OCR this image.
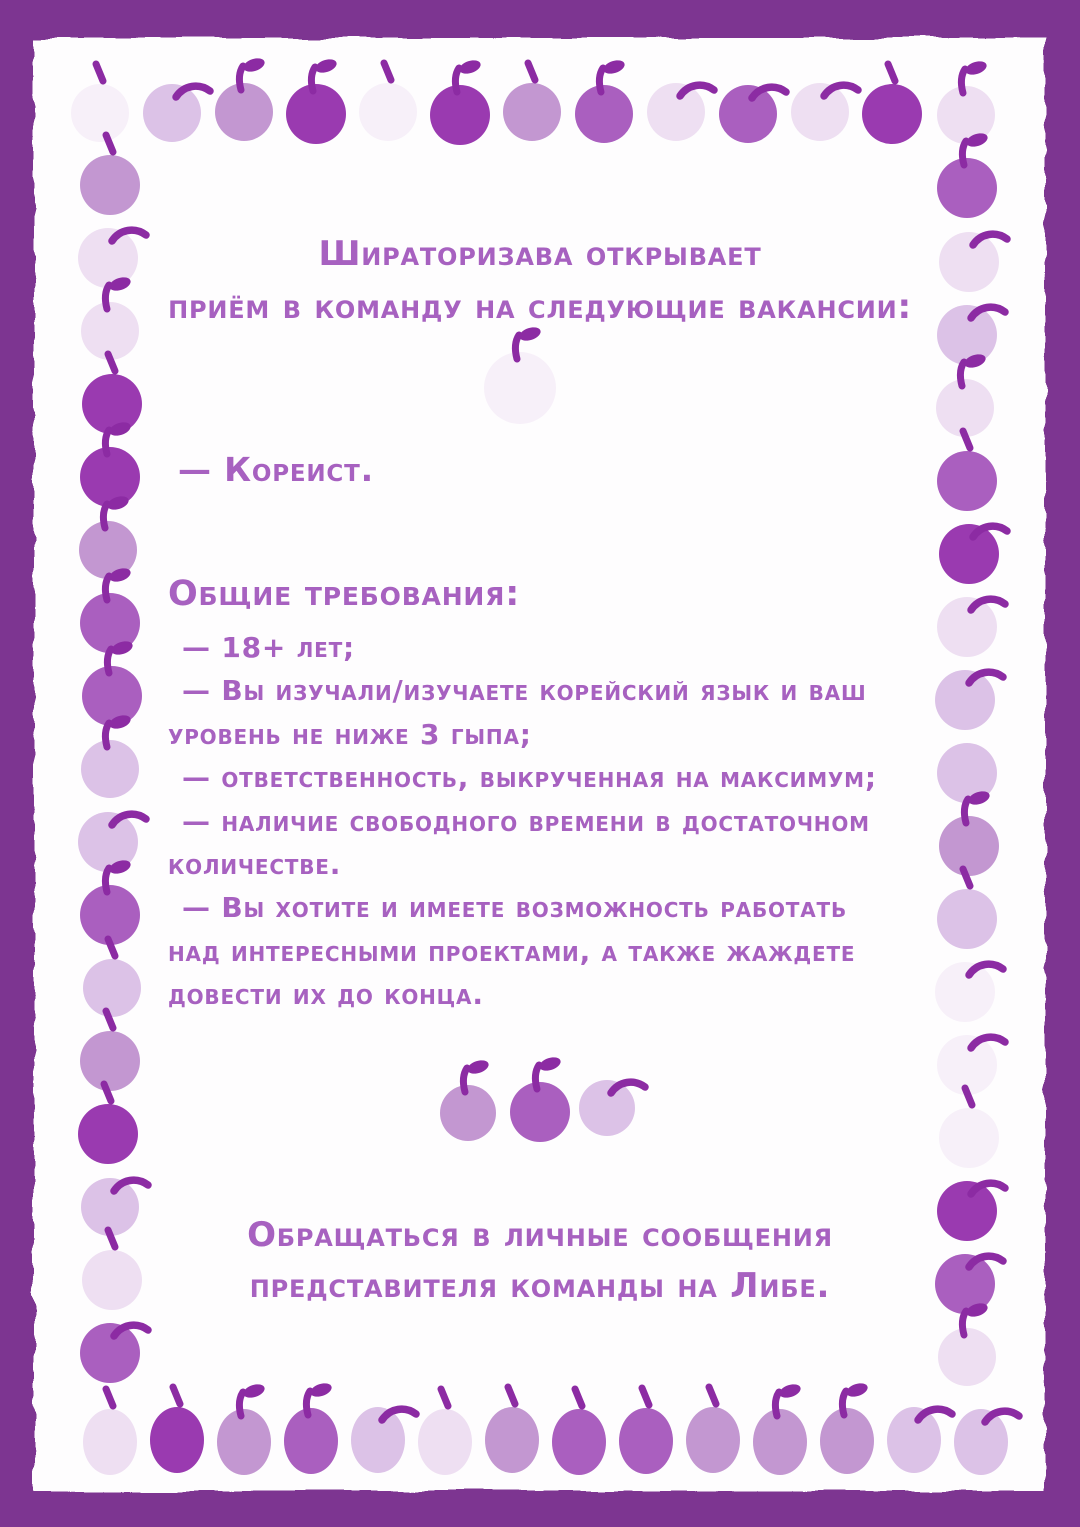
Шираторизава открывает
приём в команду на следующие вакансии:
— Кореист.
Общие требования:

— 18+ лет;

— Вы изучали/изучаете корейский язык и ваш уровень не ниже 3 гыпа;

— ответственность, выкрученная на максимум;

— наличие свободного времени в достаточном количестве.

— Вы хотите и имеете возможность работать над интересными проектами, а также жаждете довести их до конца.

Обращаться в личные сообщения
представителя команды на Либе.
